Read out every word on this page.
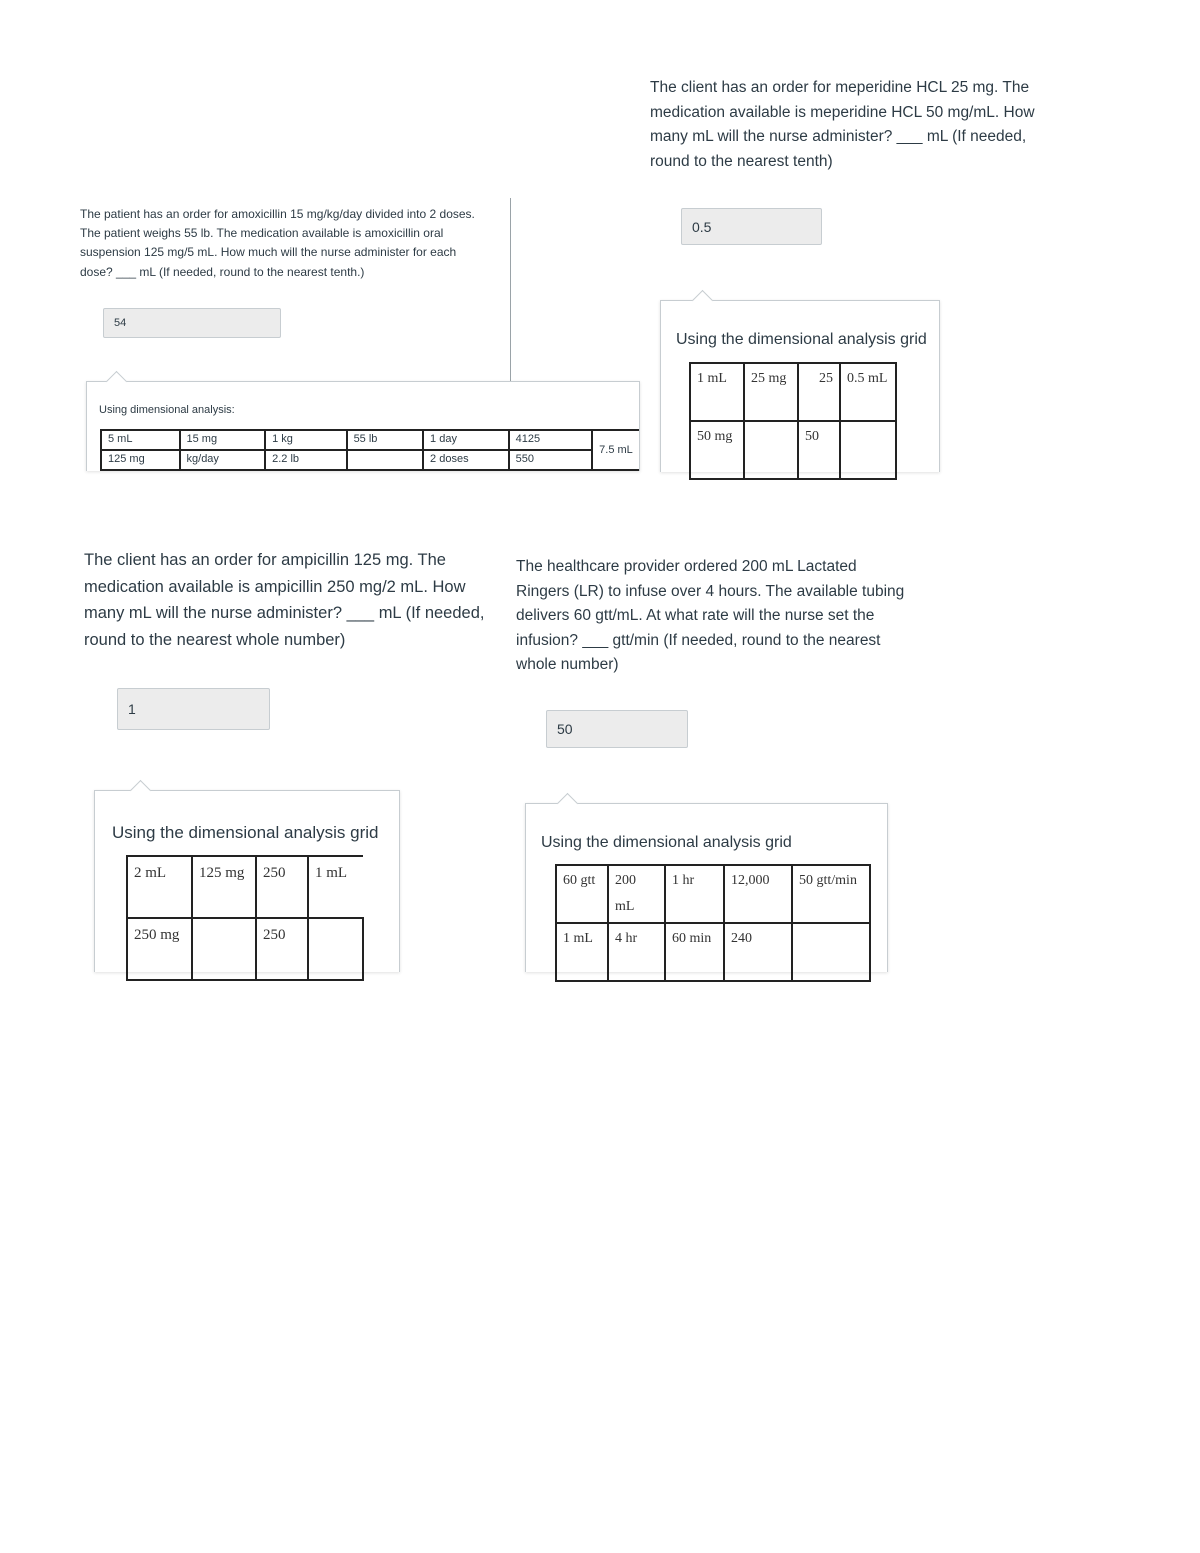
The patient has an order for amoxicillin 15 mg/kg/day divided into 2 doses. The patient weighs 55 lb. The medication available is amoxicillin oral suspension 125 mg/5 mL. How much will the nurse administer for each dose? ___ mL (If needed, round to the nearest tenth.)
54
Using dimensional analysis:
5 mL	15 mg	1 kg	55 lb	1 day	4125	7.5 mL
125 mg	kg/day	2.2 lb		2 doses	550	
The client has an order for meperidine HCL 25 mg. The medication available is meperidine HCL 50 mg/mL. How many mL will the nurse administer? ___ mL (If needed, round to the nearest tenth)
0.5
Using the dimensional analysis grid
1 mL	25 mg	25	0.5 mL
50 mg		50	
The client has an order for ampicillin 125 mg. The medication available is ampicillin 250 mg/2 mL. How many mL will the nurse administer? ___ mL (If needed, round to the nearest whole number)
1
Using the dimensional analysis grid
2 mL	125 mg	250	1 mL
250 mg		250	
The healthcare provider ordered 200 mL Lactated Ringers (LR) to infuse over 4 hours. The available tubing delivers 60 gtt/mL. At what rate will the nurse set the infusion? ___ gtt/min (If needed, round to the nearest whole number)
50
Using the dimensional analysis grid
60 gtt	200 mL	1 hr	12,000	50 gtt/min
1 mL	4 hr	60 min	240	
